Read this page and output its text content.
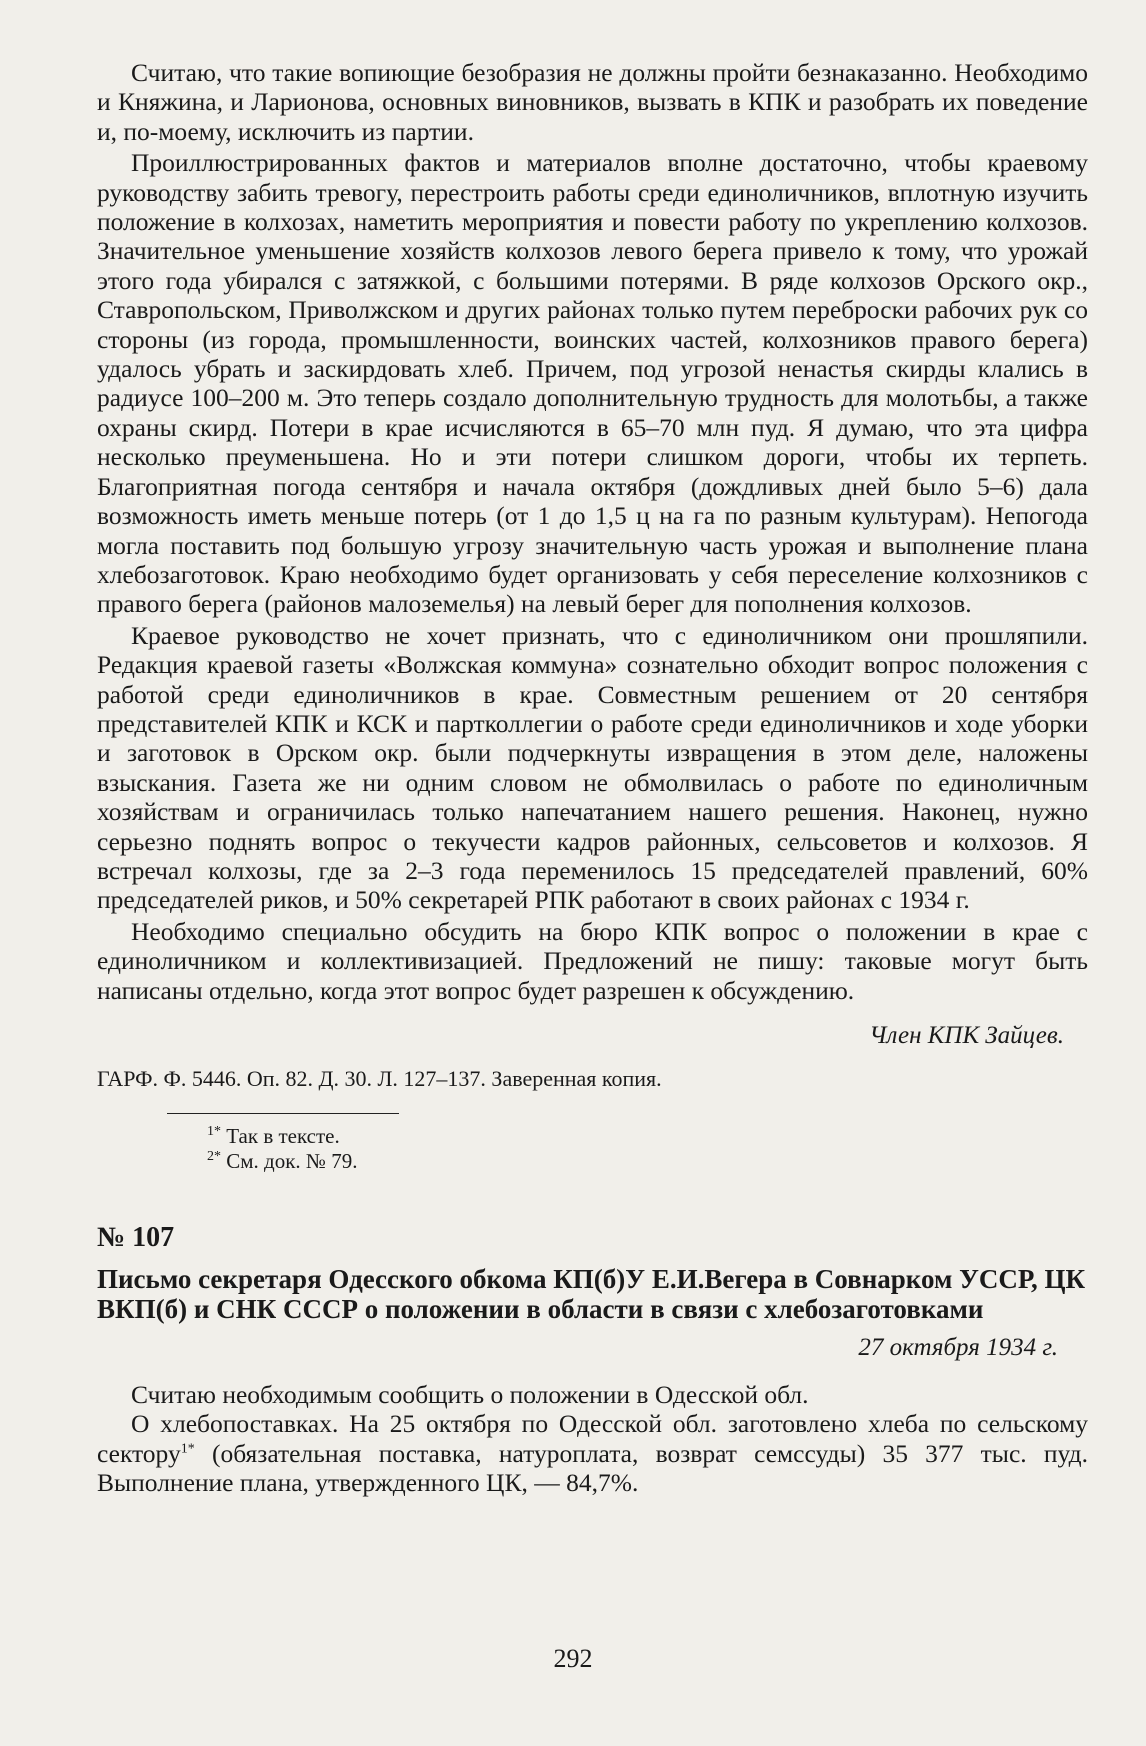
Считаю, что такие вопиющие безобразия не должны пройти безнаказанно. Необходимо и Княжина, и Ларионова, основных виновников, вызвать в КПК и разобрать их поведение и, по-моему, исключить из партии.

Проиллюстрированных фактов и материалов вполне достаточно, чтобы краевому руководству забить тревогу, перестроить работы среди единоличников, вплотную изучить положение в колхозах, наметить мероприятия и повести работу по укреплению колхозов. Значительное уменьшение хозяйств колхозов левого берега привело к тому, что урожай этого года убирался с затяжкой, с большими потерями. В ряде колхозов Орского окр., Ставропольском, Приволжском и других районах только путем переброски рабочих рук со стороны (из города, промышленности, воинских частей, колхозников правого берега) удалось убрать и заскирдовать хлеб. Причем, под угрозой ненастья скирды клались в радиусе 100–200 м. Это теперь создало дополнительную трудность для молотьбы, а также охраны скирд. Потери в крае исчисляются в 65–70 млн пуд. Я думаю, что эта цифра несколько преуменьшена. Но и эти потери слишком дороги, чтобы их терпеть. Благоприятная погода сентября и начала октября (дождливых дней было 5–6) дала возможность иметь меньше потерь (от 1 до 1,5 ц на га по разным культурам). Непогода могла поставить под большую угрозу значительную часть урожая и выполнение плана хлебозаготовок. Краю необходимо будет организовать у себя переселение колхозников с правого берега (районов малоземелья) на левый берег для пополнения колхозов.

Краевое руководство не хочет признать, что с единоличником они прошляпили. Редакция краевой газеты «Волжская коммуна» сознательно обходит вопрос положения с работой среди единоличников в крае. Совместным решением от 20 сентября представителей КПК и КСК и партколлегии о работе среди единоличников и ходе уборки и заготовок в Орском окр. были подчеркнуты извращения в этом деле, наложены взыскания. Газета же ни одним словом не обмолвилась о работе по единоличным хозяйствам и ограничилась только напечатанием нашего решения. Наконец, нужно серьезно поднять вопрос о текучести кадров районных, сельсоветов и колхозов. Я встречал колхозы, где за 2–3 года переменилось 15 председателей правлений, 60% председателей риков, и 50% секретарей РПК работают в своих районах с 1934 г.

Необходимо специально обсудить на бюро КПК вопрос о положении в крае с единоличником и коллективизацией. Предложений не пишу: таковые могут быть написаны отдельно, когда этот вопрос будет разрешен к обсуждению.

Член КПК Зайцев.

ГАРФ. Ф. 5446. Оп. 82. Д. 30. Л. 127–137. Заверенная копия.

$^{1*}$ Так в тексте.
$^{2*}$ См. док. № 79.
№ 107
Письмо секретаря Одесского обкома КП(б)У Е.И.Вегера в Совнарком УССР, ЦК ВКП(б) и СНК СССР о положении в области в связи с хлебозаготовками
27 октября 1934 г.

Считаю необходимым сообщить о положении в Одесской обл.

О хлебопоставках. На 25 октября по Одесской обл. заготовлено хлеба по сельскому сектору$^{1*}$ (обязательная поставка, натуроплата, возврат семссуды) 35 377 тыс. пуд. Выполнение плана, утвержденного ЦК, — 84,7%.

292
